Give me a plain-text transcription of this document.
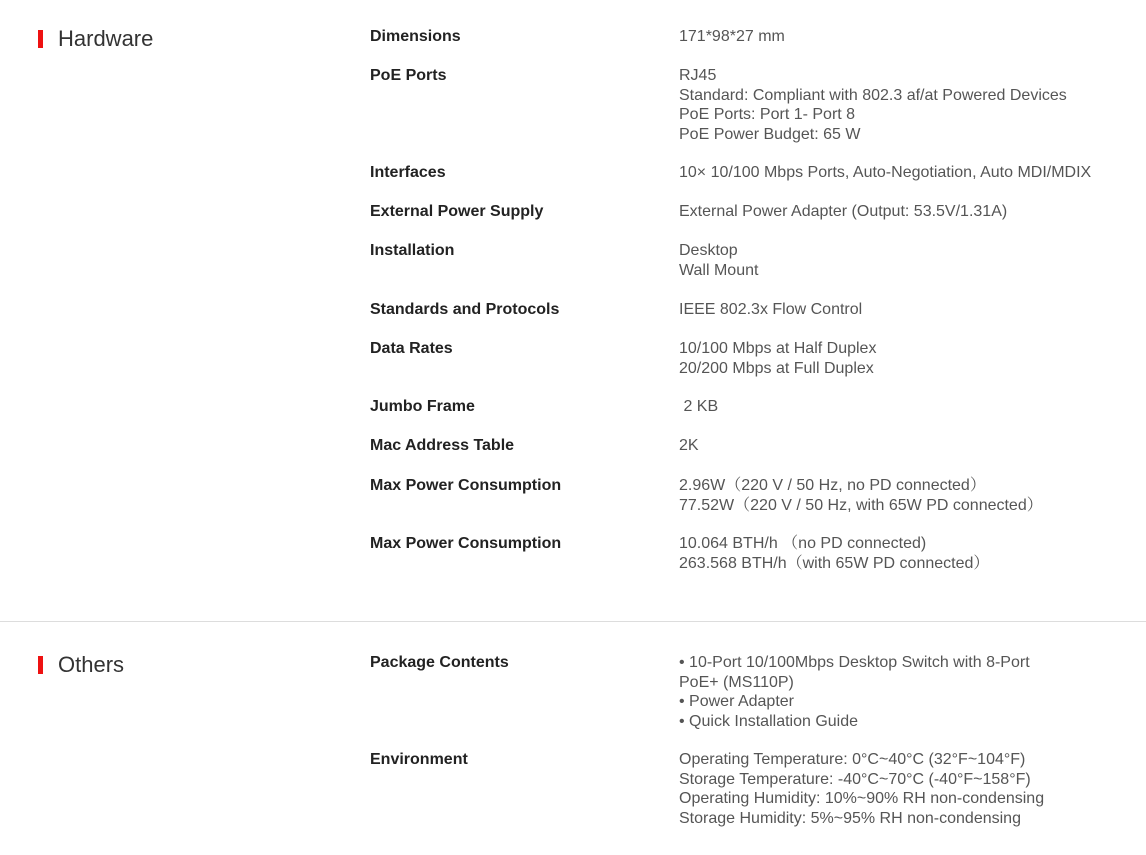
Hardware	Dimensions	171*98*27 mm
PoE Ports	RJ45
Standard: Compliant with 802.3 af/at Powered Devices
PoE Ports: Port 1- Port 8
PoE Power Budget: 65 W
Interfaces	10× 10/100 Mbps Ports, Auto-Negotiation, Auto MDI/MDIX
External Power Supply	External Power Adapter (Output: 53.5V/1.31A)
Installation	Desktop
Wall Mount
Standards and Protocols	IEEE 802.3x Flow Control
Data Rates	10/100 Mbps at Half Duplex
20/200 Mbps at Full Duplex
Jumbo Frame	2 KB
Mac Address Table	2K
Max Power Consumption	2.96W（220 V / 50 Hz, no PD connected）
77.52W（220 V / 50 Hz, with 65W PD connected）
Max Power Consumption	10.064 BTH/h （no PD connected)
263.568 BTH/h（with 65W PD connected）
Others	Package Contents	• 10-Port 10/100Mbps Desktop Switch with 8-Port
PoE+ (MS110P)
• Power Adapter
• Quick Installation Guide
Environment	Operating Temperature: 0°C~40°C (32°F~104°F)
Storage Temperature: -40°C~70°C (-40°F~158°F)
Operating Humidity: 10%~90% RH non-condensing
Storage Humidity: 5%~95% RH non-condensing
